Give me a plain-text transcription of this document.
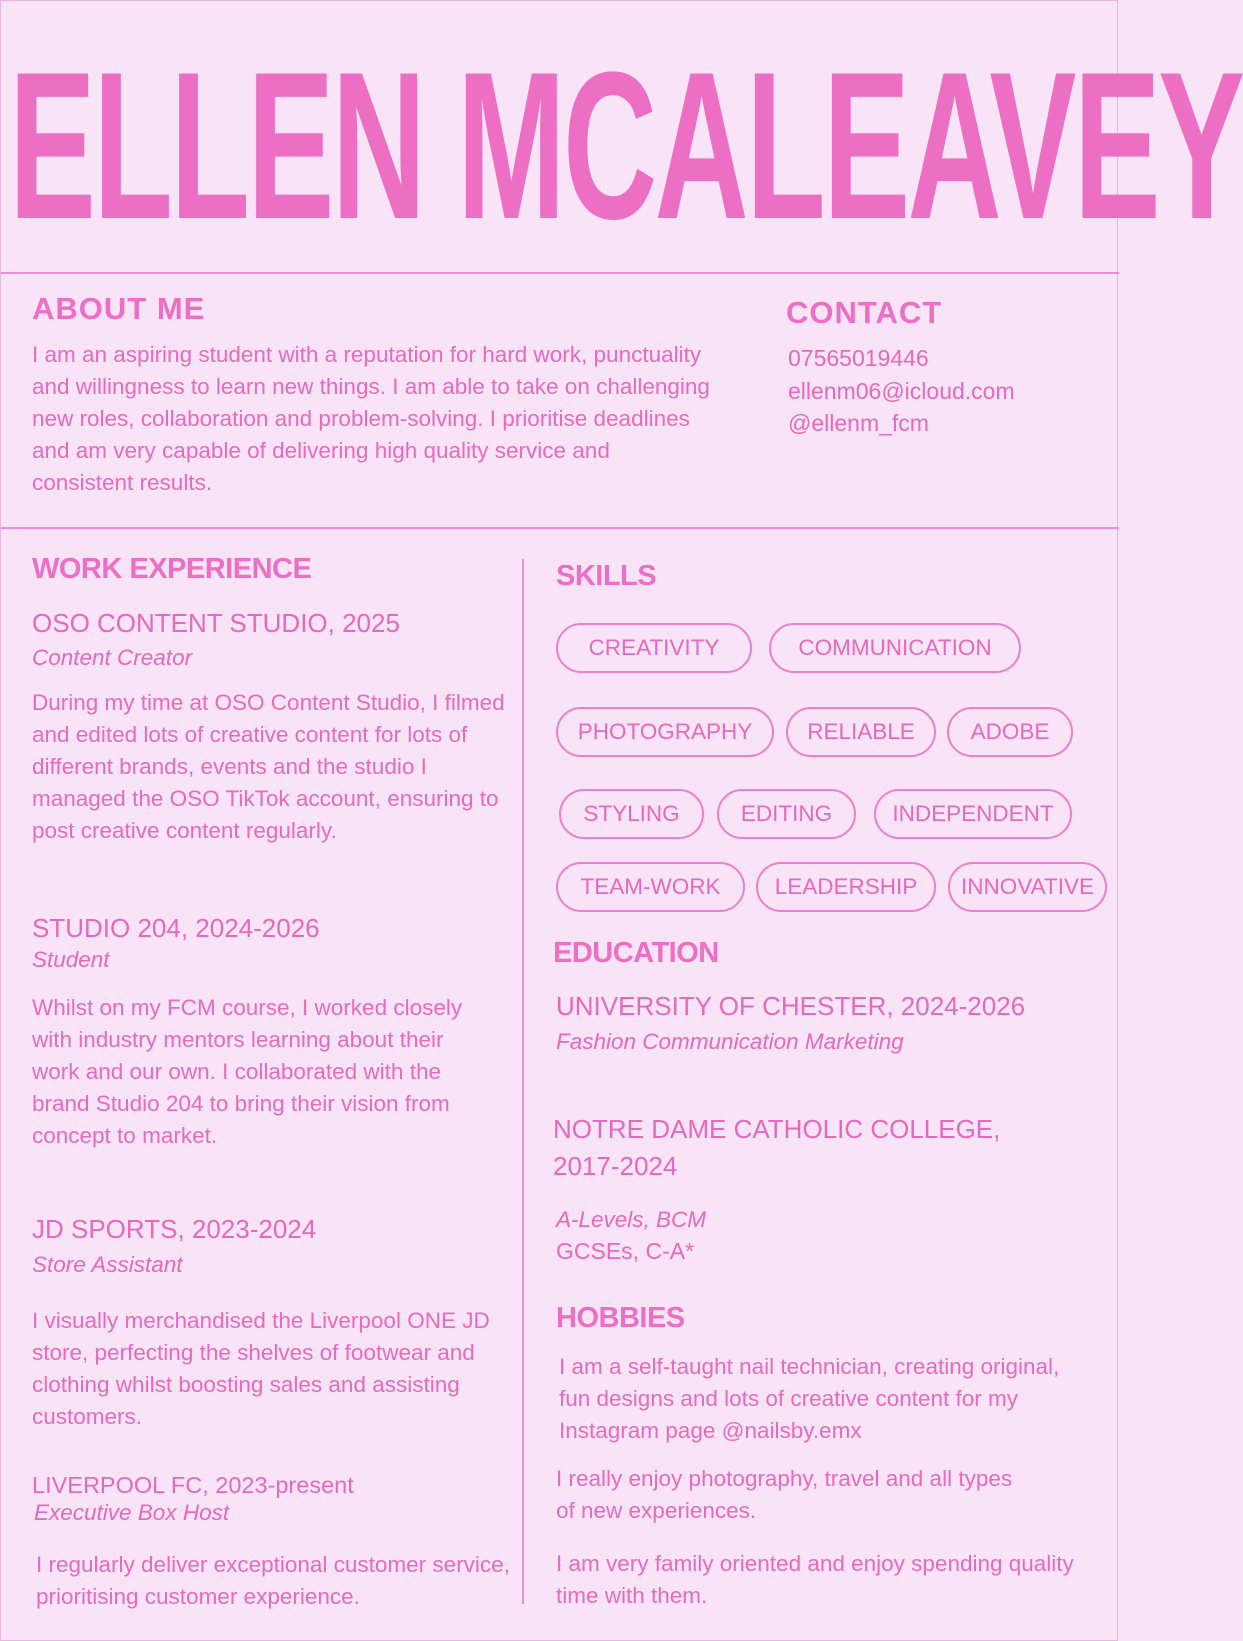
ELLEN MCALEAVEY
ABOUT ME
I am an aspiring student with a reputation for hard work, punctuality and willingness to learn new things. I am able to take on challenging new roles, collaboration and problem-solving. I prioritise deadlines and am very capable of delivering high quality service and consistent results.
CONTACT
07565019446
ellenm06@icloud.com
@ellenm_fcm
WORK EXPERIENCE
OSO CONTENT STUDIO, 2025
Content Creator
During my time at OSO Content Studio, I filmed and edited lots of creative content for lots of different brands, events and the studio I managed the OSO TikTok account, ensuring to post creative content regularly.
STUDIO 204, 2024-2026
Student
Whilst on my FCM course, I worked closely with industry mentors learning about their work and our own. I collaborated with the brand Studio 204 to bring their vision from concept to market.
JD SPORTS, 2023-2024
Store Assistant
I visually merchandised the Liverpool ONE JD store, perfecting the shelves of footwear and clothing whilst boosting sales and assisting customers.
LIVERPOOL FC, 2023-present
Executive Box Host
I regularly deliver exceptional customer service, prioritising customer experience.
SKILLS
CREATIVITY	COMMUNICATION
PHOTOGRAPHY	RELIABLE	ADOBE
STYLING	EDITING	INDEPENDENT
TEAM-WORK	LEADERSHIP	INNOVATIVE
EDUCATION
UNIVERSITY OF CHESTER, 2024-2026
Fashion Communication Marketing
NOTRE DAME CATHOLIC COLLEGE,
2017-2024
A-Levels, BCM
GCSEs, C-A*
HOBBIES
I am a self-taught nail technician, creating original, fun designs and lots of creative content for my Instagram page @nailsby.emx
I really enjoy photography, travel and all types of new experiences.
I am very family oriented and enjoy spending quality time with them.
